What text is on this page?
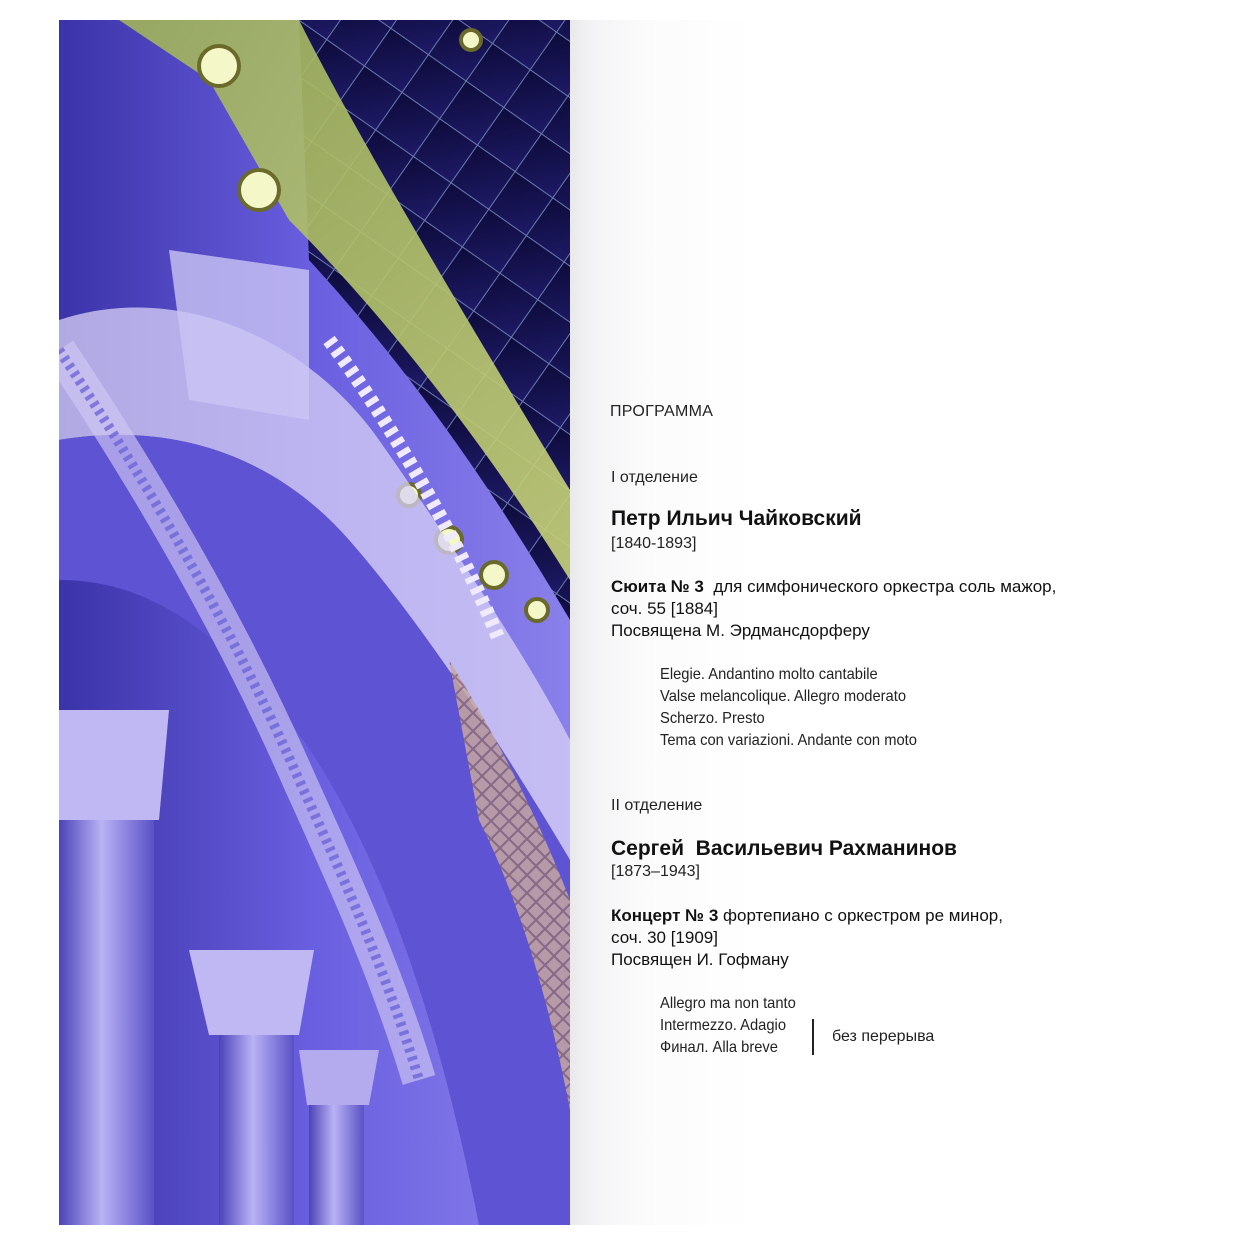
ПРОГРАММА
I отделение
Петр Ильич Чайковский
[1840-1893]
Сюита № 3  для симфонического оркестра соль мажор,
соч. 55 [1884]
Посвящена М. Эрдмансдорферу
Elegie. Andantino molto cantabile
Valse melancolique. Allegro moderato
Scherzo. Presto
Tema con variazioni. Andante con moto
II отделение
Сергей  Васильевич Рахманинов
[1873–1943]
Концерт № 3 фортепиано с оркестром ре минор,
соч. 30 [1909]
Посвящен И. Гофману
Allegro ma non tanto
Intermezzo. Adagio
Финал. Alla breve
без перерыва
